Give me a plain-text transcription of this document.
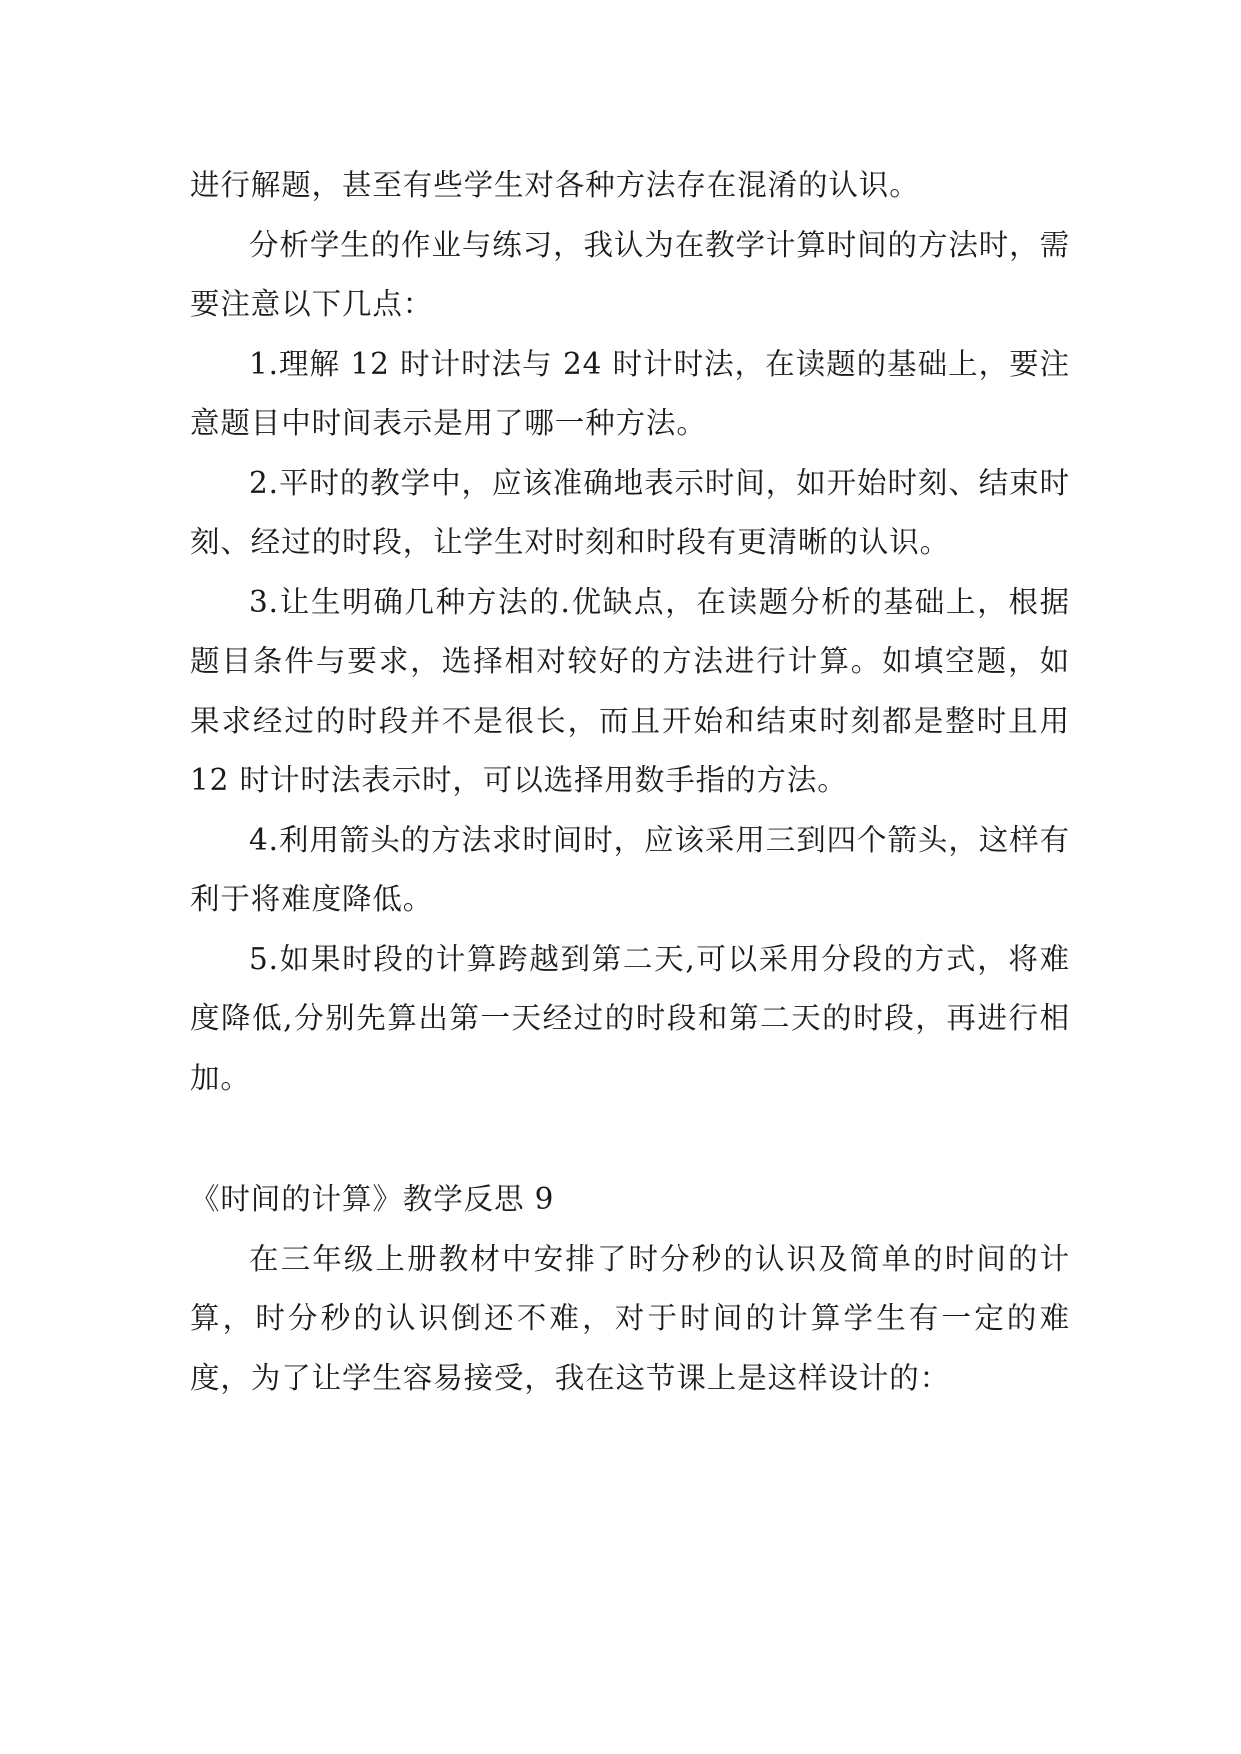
进行解题，甚至有些学生对各种方法存在混淆的认识。

分析学生的作业与练习，我认为在教学计算时间的方法时，需要注意以下几点：

1.理解 12 时计时法与 24 时计时法，在读题的基础上，要注意题目中时间表示是用了哪一种方法。

2.平时的教学中，应该准确地表示时间，如开始时刻、结束时刻、经过的时段，让学生对时刻和时段有更清晰的认识。

3.让生明确几种方法的.优缺点，在读题分析的基础上，根据题目条件与要求，选择相对较好的方法进行计算。如填空题，如果求经过的时段并不是很长，而且开始和结束时刻都是整时且用 12 时计时法表示时，可以选择用数手指的方法。

4.利用箭头的方法求时间时，应该采用三到四个箭头，这样有利于将难度降低。

5.如果时段的计算跨越到第二天,可以采用分段的方式，将难度降低,分别先算出第一天经过的时段和第二天的时段，再进行相加。

《时间的计算》教学反思 9

在三年级上册教材中安排了时分秒的认识及简单的时间的计算，时分秒的认识倒还不难，对于时间的计算学生有一定的难度，为了让学生容易接受，我在这节课上是这样设计的：
